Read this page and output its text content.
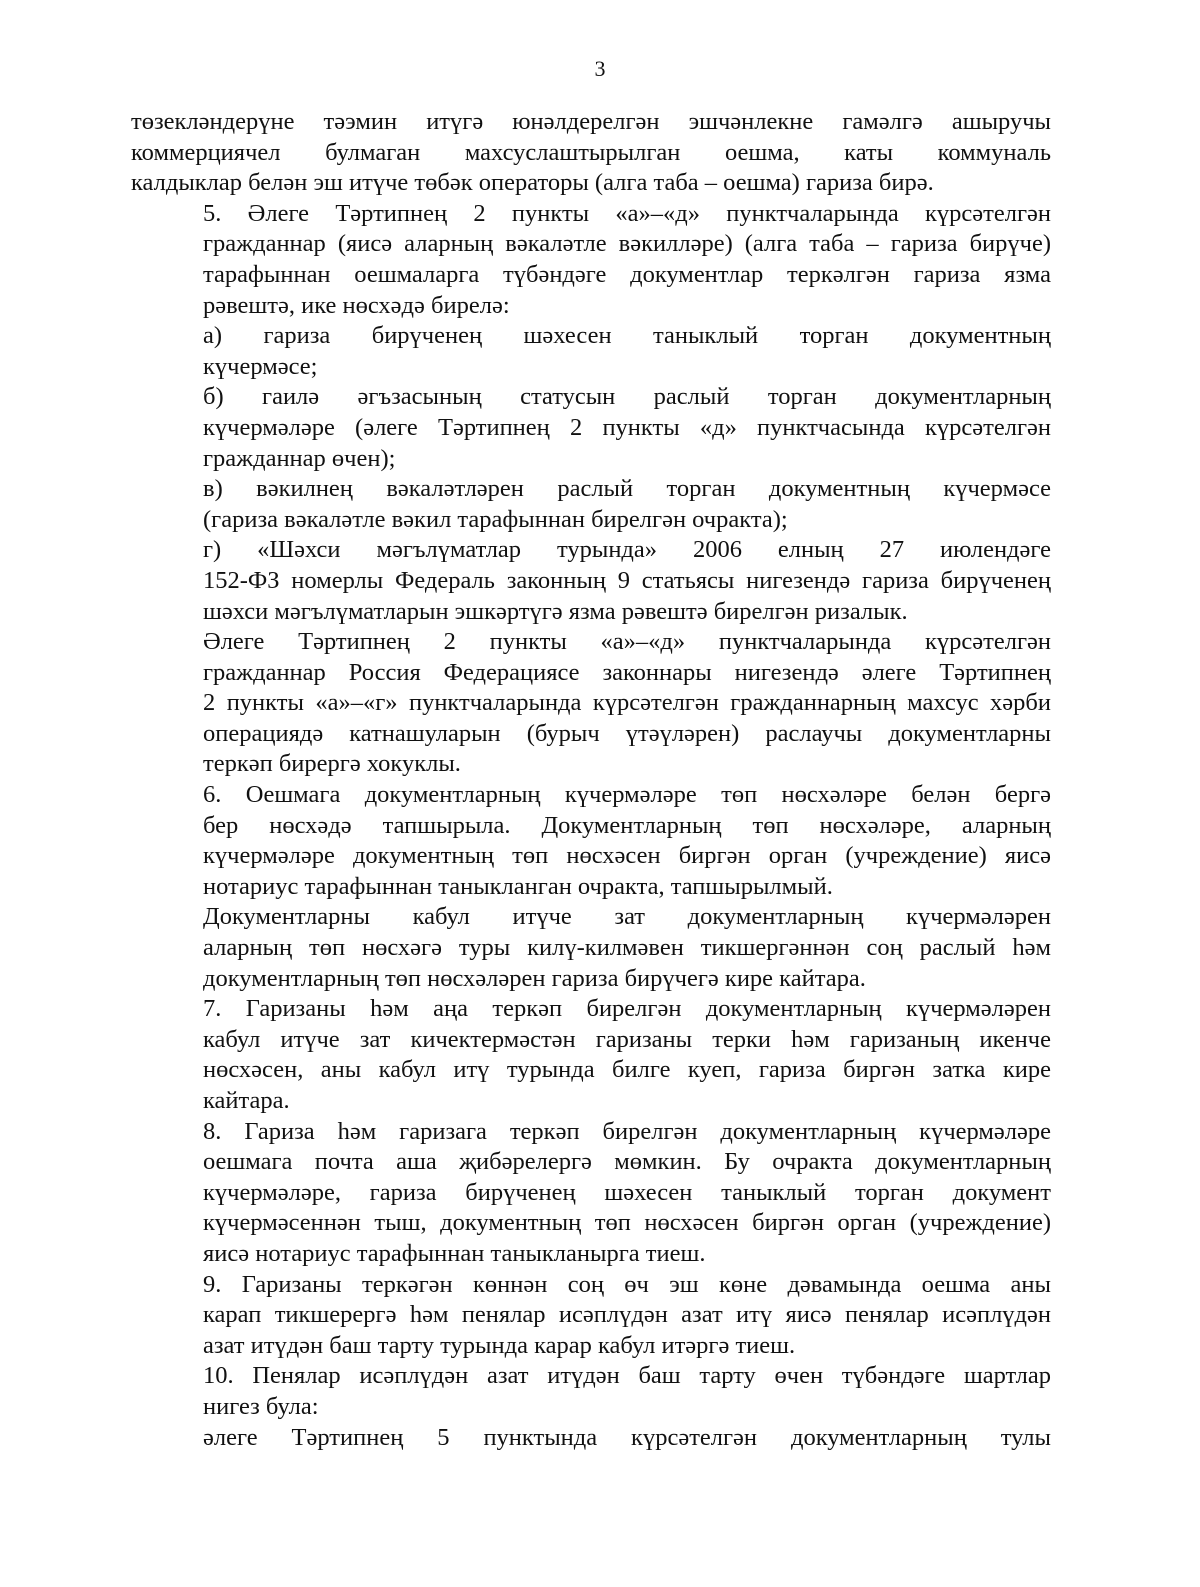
3

төзекләндерүне тәэмин итүгә юнәлдерелгән эшчәнлекне гамәлгә ашыручы
коммерциячел булмаган махсуслаштырылган оешма, каты коммуналь
калдыклар белән эш итүче төбәк операторы (алга таба – оешма) гариза бирә.

5. Әлеге Тәртипнең 2 пункты «а»–«д» пунктчаларында күрсәтелгән
гражданнар (яисә аларның вәкаләтле вәкилләре) (алга таба – гариза бирүче)
тарафыннан оешмаларга түбәндәге документлар теркәлгән гариза язма
рәвештә, ике нөсхәдә бирелә:

а) гариза бирүченең шәхесен таныклый торган документның
күчермәсе;

б) гаилә әгъзасының статусын раслый торган документларның
күчермәләре (әлеге Тәртипнең 2 пункты «д» пунктчасында күрсәтелгән
гражданнар өчен);

в) вәкилнең вәкаләтләрен раслый торган документның күчермәсе
(гариза вәкаләтле вәкил тарафыннан бирелгән очракта);

г) «Шәхси мәгълүматлар турында» 2006 елның 27 июлендәге
152-ФЗ номерлы Федераль законның 9 статьясы нигезендә гариза бирүченең
шәхси мәгълүматларын эшкәртүгә язма рәвештә бирелгән ризалык.

Әлеге Тәртипнең 2 пункты «а»–«д» пунктчаларында күрсәтелгән
гражданнар Россия Федерациясе законнары нигезендә әлеге Тәртипнең
2 пункты «а»–«г» пунктчаларында күрсәтелгән гражданнарның махсус хәрби
операциядә катнашуларын (бурыч үтәүләрен) раслаучы документларны
теркәп бирергә хокуклы.

6. Оешмага документларның күчермәләре төп нөсхәләре белән бергә
бер нөсхәдә тапшырыла. Документларның төп нөсхәләре, аларның
күчермәләре документның төп нөсхәсен биргән орган (учреждение) яисә
нотариус тарафыннан таныкланган очракта, тапшырылмый.

Документларны кабул итүче зат документларның күчермәләрен
аларның төп нөсхәгә туры килү-килмәвен тикшергәннән соң раслый һәм
документларның төп нөсхәләрен гариза бирүчегә кире кайтара.

7. Гаризаны һәм аңа теркәп бирелгән документларның күчермәләрен
кабул итүче зат кичектермәстән гаризаны терки һәм гаризаның икенче
нөсхәсен, аны кабул итү турында билге куеп, гариза биргән затка кире
кайтара.

8. Гариза һәм гаризага теркәп бирелгән документларның күчермәләре
оешмага почта аша җибәрелергә мөмкин. Бу очракта документларның
күчермәләре, гариза бирүченең шәхесен таныклый торган документ
күчермәсеннән тыш, документның төп нөсхәсен биргән орган (учреждение)
яисә нотариус тарафыннан таныкланырга тиеш.

9. Гаризаны теркәгән көннән соң өч эш көне дәвамында оешма аны
карап тикшерергә һәм пенялар исәплүдән азат итү яисә пенялар исәплүдән
азат итүдән баш тарту турында карар кабул итәргә тиеш.

10. Пенялар исәплүдән азат итүдән баш тарту өчен түбәндәге шартлар
нигез була:

әлеге Тәртипнең 5 пунктында күрсәтелгән документларның тулы
